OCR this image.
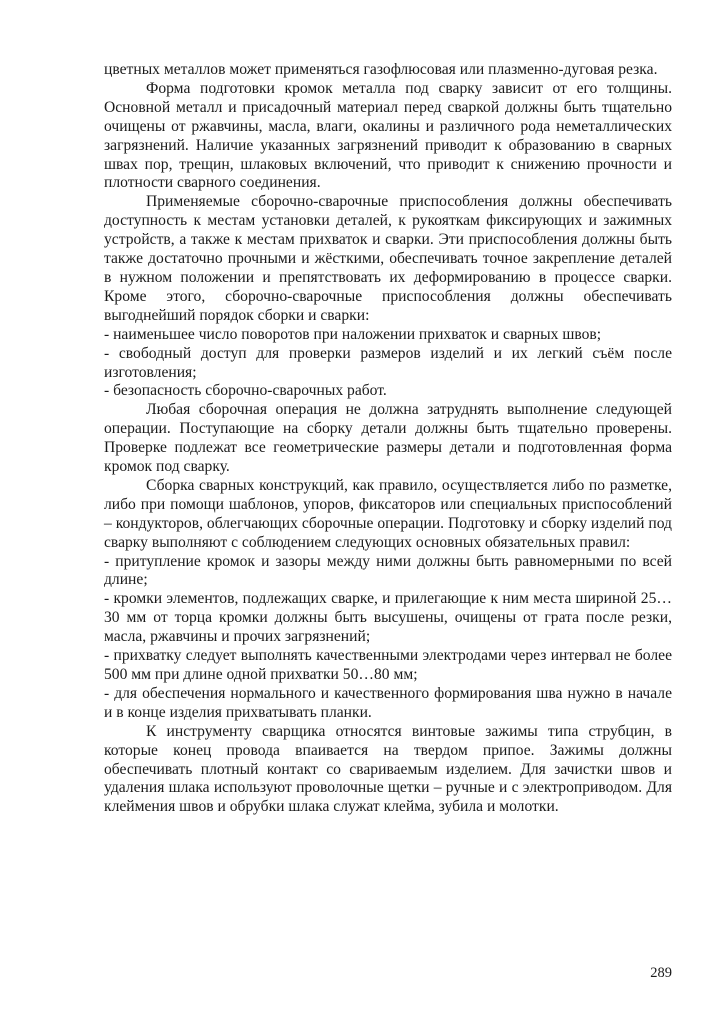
цветных металлов может применяться газофлюсовая или плазменно-дуговая резка.

Форма подготовки кромок металла под сварку зависит от его толщины. Основной металл и присадочный материал перед сваркой должны быть тщательно очищены от ржавчины, масла, влаги, окалины и различного рода неметаллических загрязнений. Наличие указанных загрязнений приводит к образованию в сварных швах пор, трещин, шлаковых включений, что приводит к снижению прочности и плотности сварного соединения.

Применяемые сборочно-сварочные приспособления должны обеспечивать доступность к местам установки деталей, к рукояткам фиксирующих и зажимных устройств, а также к местам прихваток и сварки. Эти приспособления должны быть также достаточно прочными и жёсткими, обеспечивать точное закрепление деталей в нужном положении и препятствовать их деформированию в процессе сварки. Кроме этого, сборочно-сварочные приспособления должны обеспечивать выгоднейший порядок сборки и сварки:

- наименьшее число поворотов при наложении прихваток и сварных швов;

- свободный доступ для проверки размеров изделий и их легкий съём после изготовления;

- безопасность сборочно-сварочных работ.

Любая сборочная операция не должна затруднять выполнение следующей операции. Поступающие на сборку детали должны быть тщательно проверены. Проверке подлежат все геометрические размеры детали и подготовленная форма кромок под сварку.

Сборка сварных конструкций, как правило, осуществляется либо по разметке, либо при помощи шаблонов, упоров, фиксаторов или специальных приспособлений – кондукторов, облегчающих сборочные операции. Подготовку и сборку изделий под сварку выполняют с соблюдением следующих основных обязательных правил:

- притупление кромок и зазоры между ними должны быть равномерными по всей длине;

- кромки элементов, подлежащих сварке, и прилегающие к ним места шириной 25…30 мм от торца кромки должны быть высушены, очищены от грата после резки, масла, ржавчины и прочих загрязнений;

- прихватку следует выполнять качественными электродами через интервал не более 500 мм при длине одной прихватки 50…80 мм;

- для обеспечения нормального и качественного формирования шва нужно в начале и в конце изделия прихватывать планки.

К инструменту сварщика относятся винтовые зажимы типа струбцин, в которые конец провода впаивается на твердом припое. Зажимы должны обеспечивать плотный контакт со свариваемым изделием. Для зачистки швов и удаления шлака используют проволочные щетки – ручные и с электроприводом. Для клеймения швов и обрубки шлака служат клейма, зубила и молотки.

289
